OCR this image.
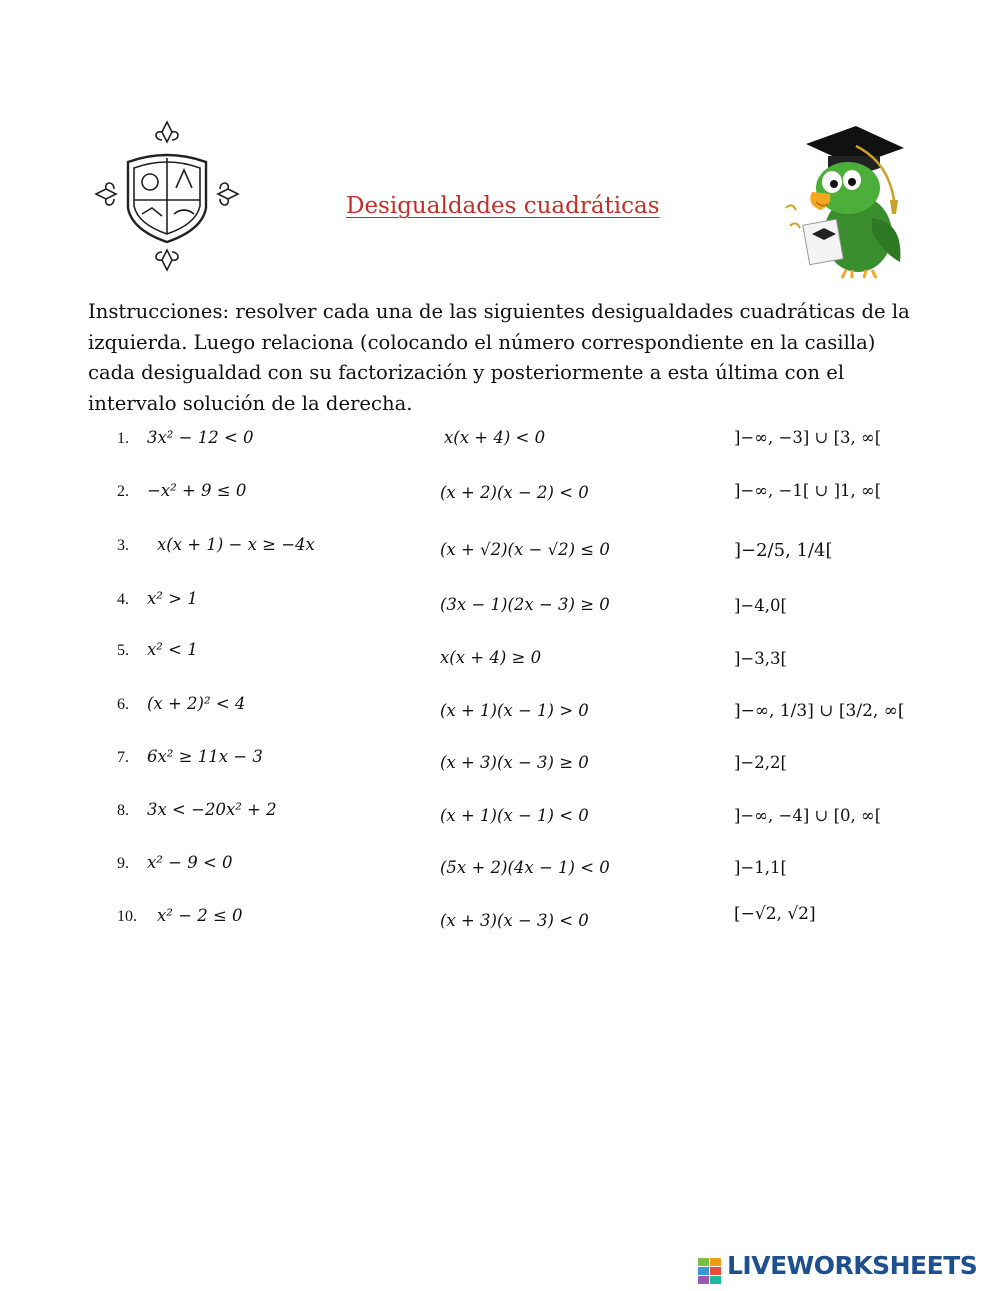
Desigualdades cuadráticas

Instrucciones: resolver cada una de las siguientes desigualdades cuadráticas de la izquierda. Luego relaciona (colocando el número correspondiente en la casilla) cada desigualdad con su factorización y posteriormente a esta última con el intervalo solución de la derecha.

1. 3x² − 12 < 0
2. −x² + 9 ≤ 0
3. x(x + 1) − x ≥ −4x
4. x² > 1
5. x² < 1
6. (x + 2)² < 4
7. 6x² ≥ 11x − 3
8. 3x < −20x² + 2
9. x² − 9 < 0
10. x² − 2 ≤ 0
x(x + 4) < 0
(x + 2)(x − 2) < 0
(x + √2)(x − √2) ≤ 0
(3x − 1)(2x − 3) ≥ 0
x(x + 4) ≥ 0
(x + 1)(x − 1) > 0
(x + 3)(x − 3) ≥ 0
(x + 1)(x − 1) < 0
(5x + 2)(4x − 1) < 0
(x + 3)(x − 3) < 0
]−∞, −3] ∪ [3, ∞[
]−∞, −1[ ∪ ]1, ∞[
]−2/5, 1/4[
]−4,0[
]−3,3[
]−∞, 1/3] ∪ [3/2, ∞[
]−2,2[
]−∞, −4] ∪ [0, ∞[
]−1,1[
[−√2, √2]
LIVEWORKSHEETS
